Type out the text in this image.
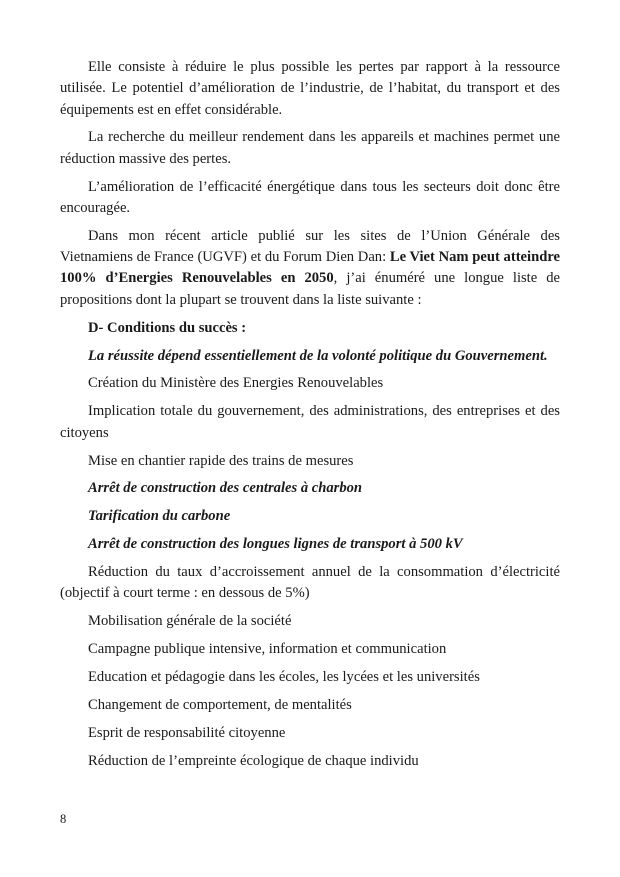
Elle consiste à réduire le plus possible les pertes par rapport à la ressource utilisée. Le potentiel d’amélioration de l’industrie, de l’habitat, du transport et des équipements est en effet considérable.

La recherche du meilleur rendement dans les appareils et machines permet une réduction massive des pertes.

L’amélioration de l’efficacité énergétique dans tous les secteurs doit donc être encouragée.

Dans mon récent article publié sur les sites de l’Union Générale des Vietnamiens de France (UGVF) et du Forum Dien Dan: Le Viet Nam peut atteindre 100% d’Energies Renouvelables en 2050, j’ai énuméré une longue liste de propositions dont la plupart se trouvent dans la liste suivante :

D- Conditions du succès :

La réussite dépend essentiellement de la volonté politique du Gouvernement.

Création du Ministère des Energies Renouvelables

Implication totale du gouvernement, des administrations, des entreprises et des citoyens

Mise en chantier rapide des trains de mesures

Arrêt de construction des centrales à charbon

Tarification du carbone

Arrêt de construction des longues lignes de transport à 500 kV

Réduction du taux d’accroissement annuel de la consommation d’électricité (objectif à court terme : en dessous de 5%)

Mobilisation générale de la société

Campagne publique intensive, information et communication

Education et pédagogie dans les écoles, les lycées et les universités

Changement de comportement, de mentalités

Esprit de responsabilité citoyenne

Réduction de l’empreinte écologique de chaque individu

8
